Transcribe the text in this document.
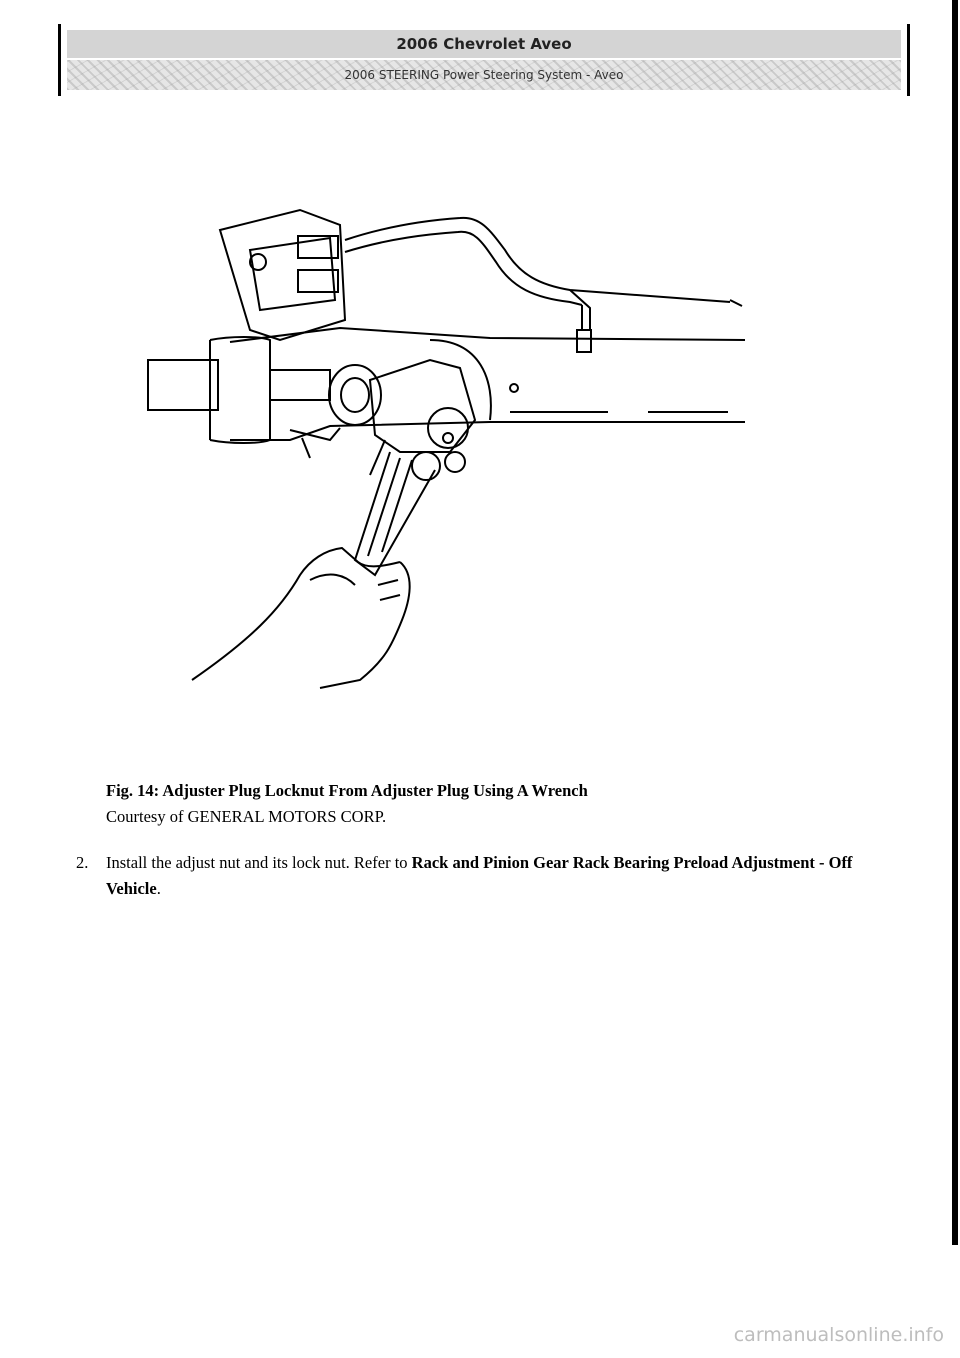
2006 Chevrolet Aveo
2006 STEERING Power Steering System - Aveo
Fig. 14: Adjuster Plug Locknut From Adjuster Plug Using A Wrench
Courtesy of GENERAL MOTORS CORP.
2.	Install the adjust nut and its lock nut. Refer to Rack and Pinion Gear Rack Bearing Preload Adjustment - Off Vehicle.
carmanualsonline.info
